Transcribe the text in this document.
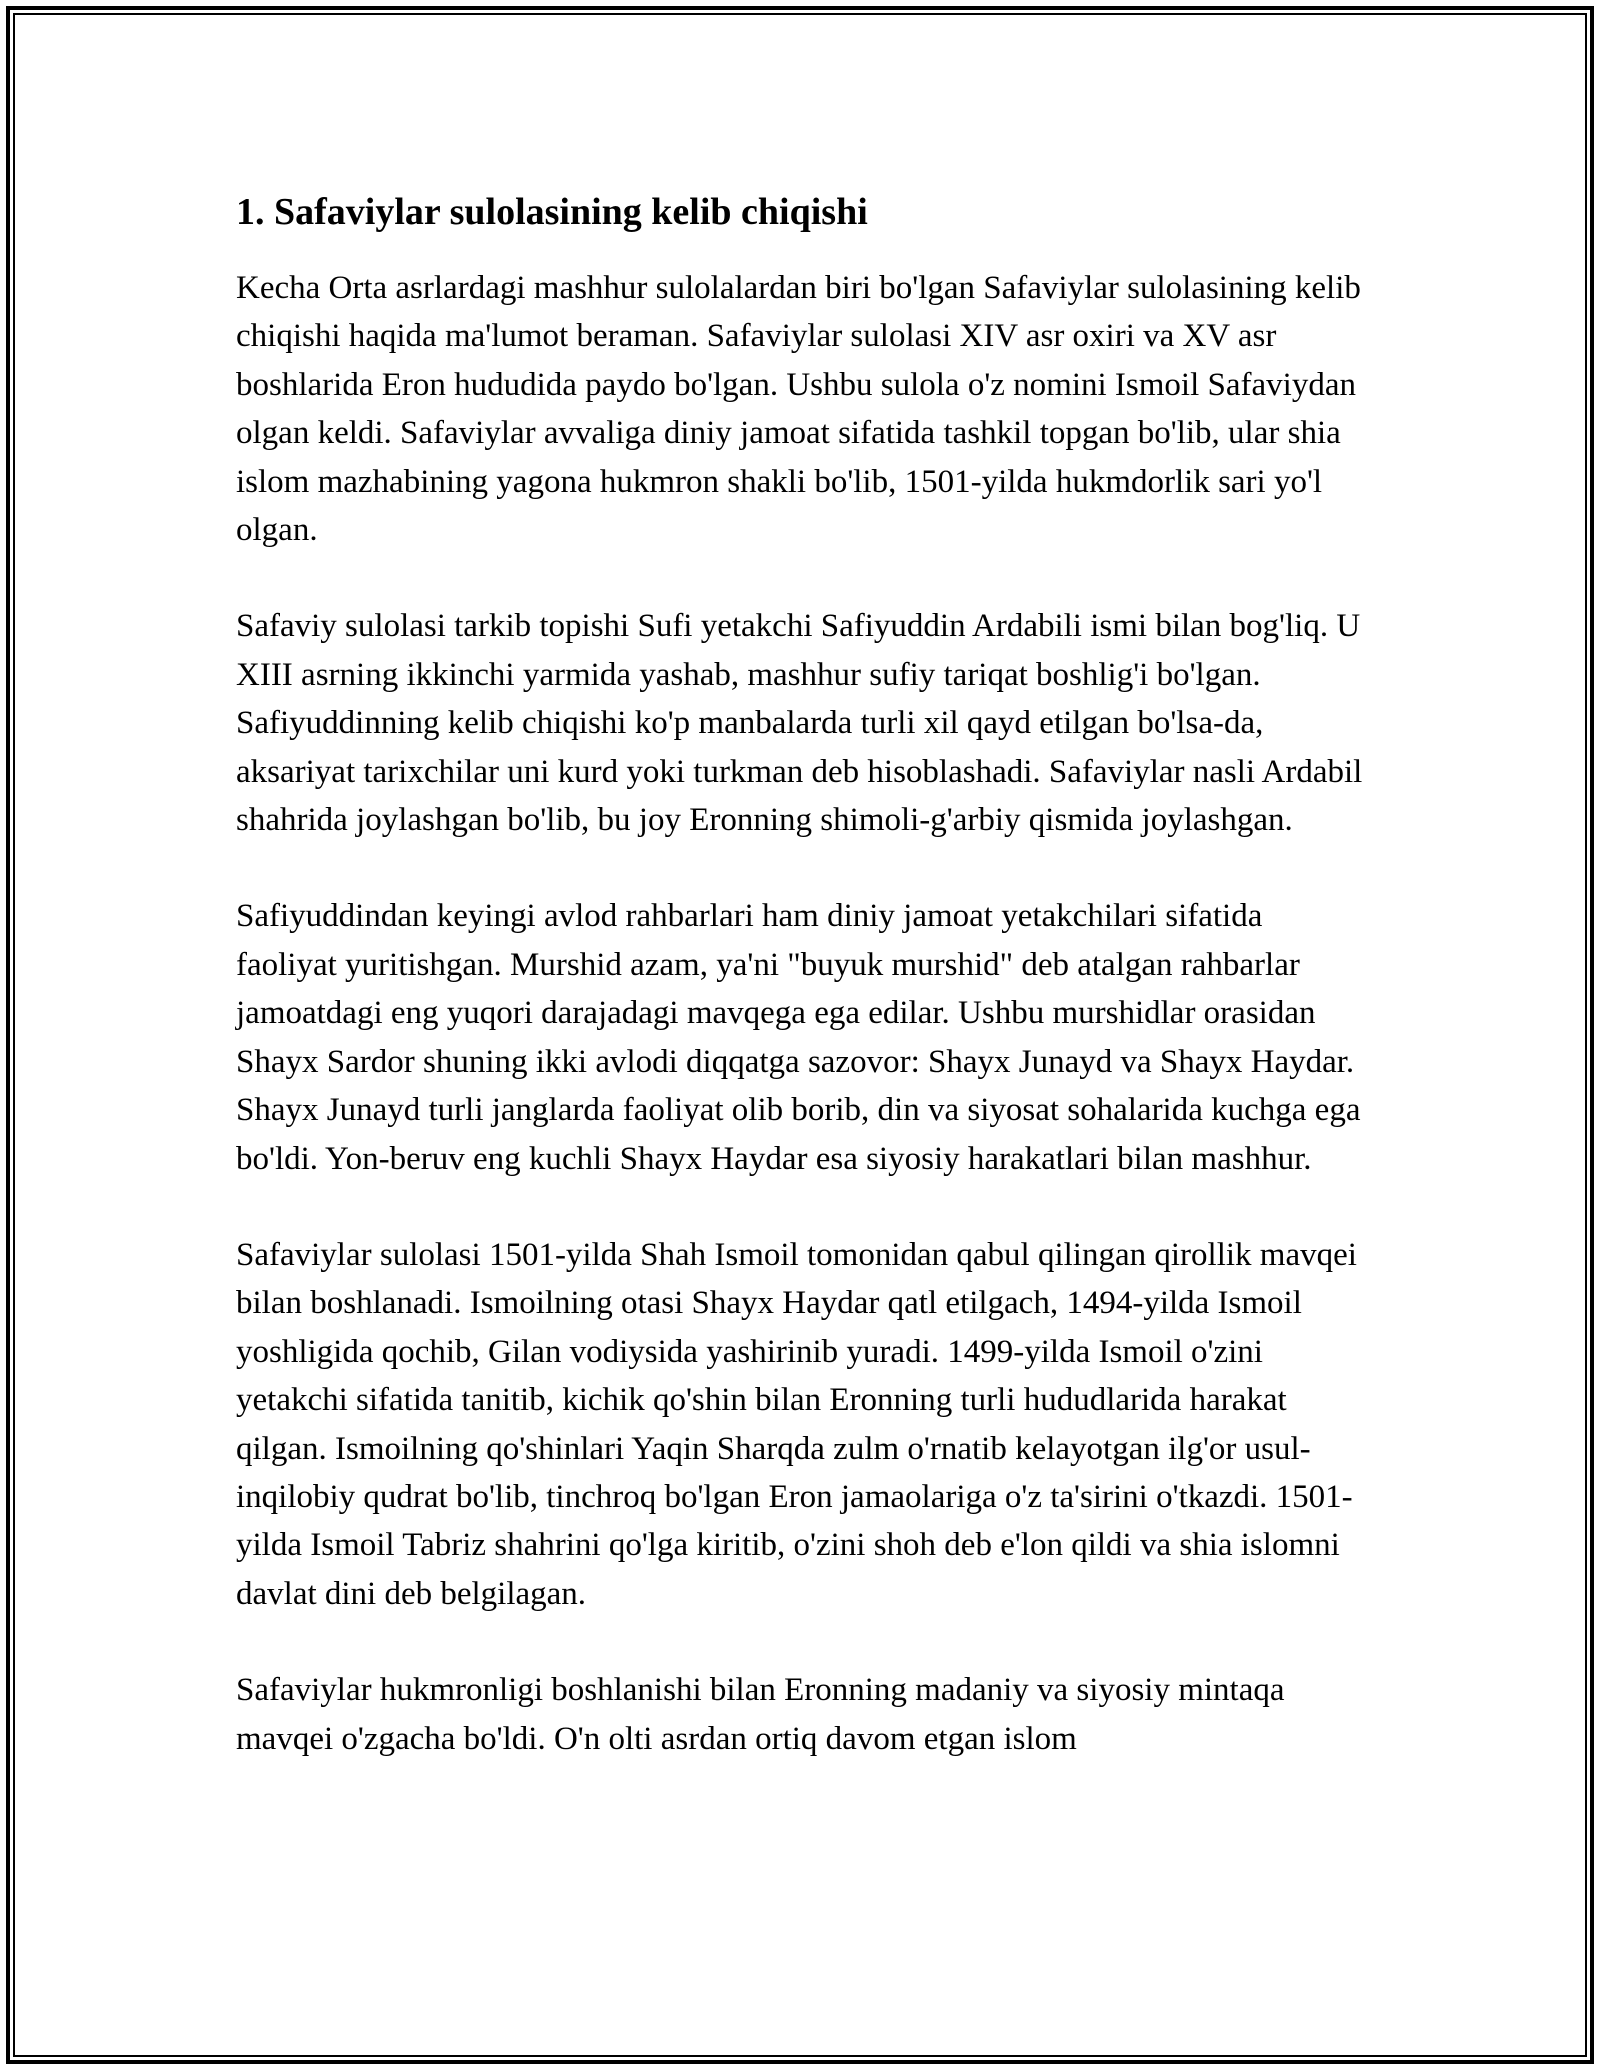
1. Safaviylar sulolasining kelib chiqishi

Kecha Orta asrlardagi mashhur sulolalardan biri bo'lgan Safaviylar sulolasining kelib chiqishi haqida ma'lumot beraman. Safaviylar sulolasi XIV asr oxiri va XV asr boshlarida Eron hududida paydo bo'lgan. Ushbu sulola o'z nomini Ismoil Safaviydan olgan keldi. Safaviylar avvaliga diniy jamoat sifatida tashkil topgan bo'lib, ular shia islom mazhabining yagona hukmron shakli bo'lib, 1501-yilda hukmdorlik sari yo'l olgan.

Safaviy sulolasi tarkib topishi Sufi yetakchi Safiyuddin Ardabili ismi bilan bog'liq. U XIII asrning ikkinchi yarmida yashab, mashhur sufiy tariqat boshlig'i bo'lgan. Safiyuddinning kelib chiqishi ko'p manbalarda turli xil qayd etilgan bo'lsa-da, aksariyat tarixchilar uni kurd yoki turkman deb hisoblashadi. Safaviylar nasli Ardabil shahrida joylashgan bo'lib, bu joy Eronning shimoli-g'arbiy qismida joylashgan.

Safiyuddindan keyingi avlod rahbarlari ham diniy jamoat yetakchilari sifatida faoliyat yuritishgan. Murshid azam, ya'ni "buyuk murshid" deb atalgan rahbarlar jamoatdagi eng yuqori darajadagi mavqega ega edilar. Ushbu murshidlar orasidan Shayx Sardor shuning ikki avlodi diqqatga sazovor: Shayx Junayd va Shayx Haydar. Shayx Junayd turli janglarda faoliyat olib borib, din va siyosat sohalarida kuchga ega bo'ldi. Yon-beruv eng kuchli Shayx Haydar esa siyosiy harakatlari bilan mashhur.

Safaviylar sulolasi 1501-yilda Shah Ismoil tomonidan qabul qilingan qirollik mavqei bilan boshlanadi. Ismoilning otasi Shayx Haydar qatl etilgach, 1494-yilda Ismoil yoshligida qochib, Gilan vodiysida yashirinib yuradi. 1499-yilda Ismoil o'zini yetakchi sifatida tanitib, kichik qo'shin bilan Eronning turli hududlarida harakat qilgan. Ismoilning qo'shinlari Yaqin Sharqda zulm o'rnatib kelayotgan ilg'or usul-inqilobiy qudrat bo'lib, tinchroq bo'lgan Eron jamaolariga o'z ta'sirini o'tkazdi. 1501-yilda Ismoil Tabriz shahrini qo'lga kiritib, o'zini shoh deb e'lon qildi va shia islomni davlat dini deb belgilagan.

Safaviylar hukmronligi boshlanishi bilan Eronning madaniy va siyosiy mintaqa mavqei o'zgacha bo'ldi. O'n olti asrdan ortiq davom etgan islom
